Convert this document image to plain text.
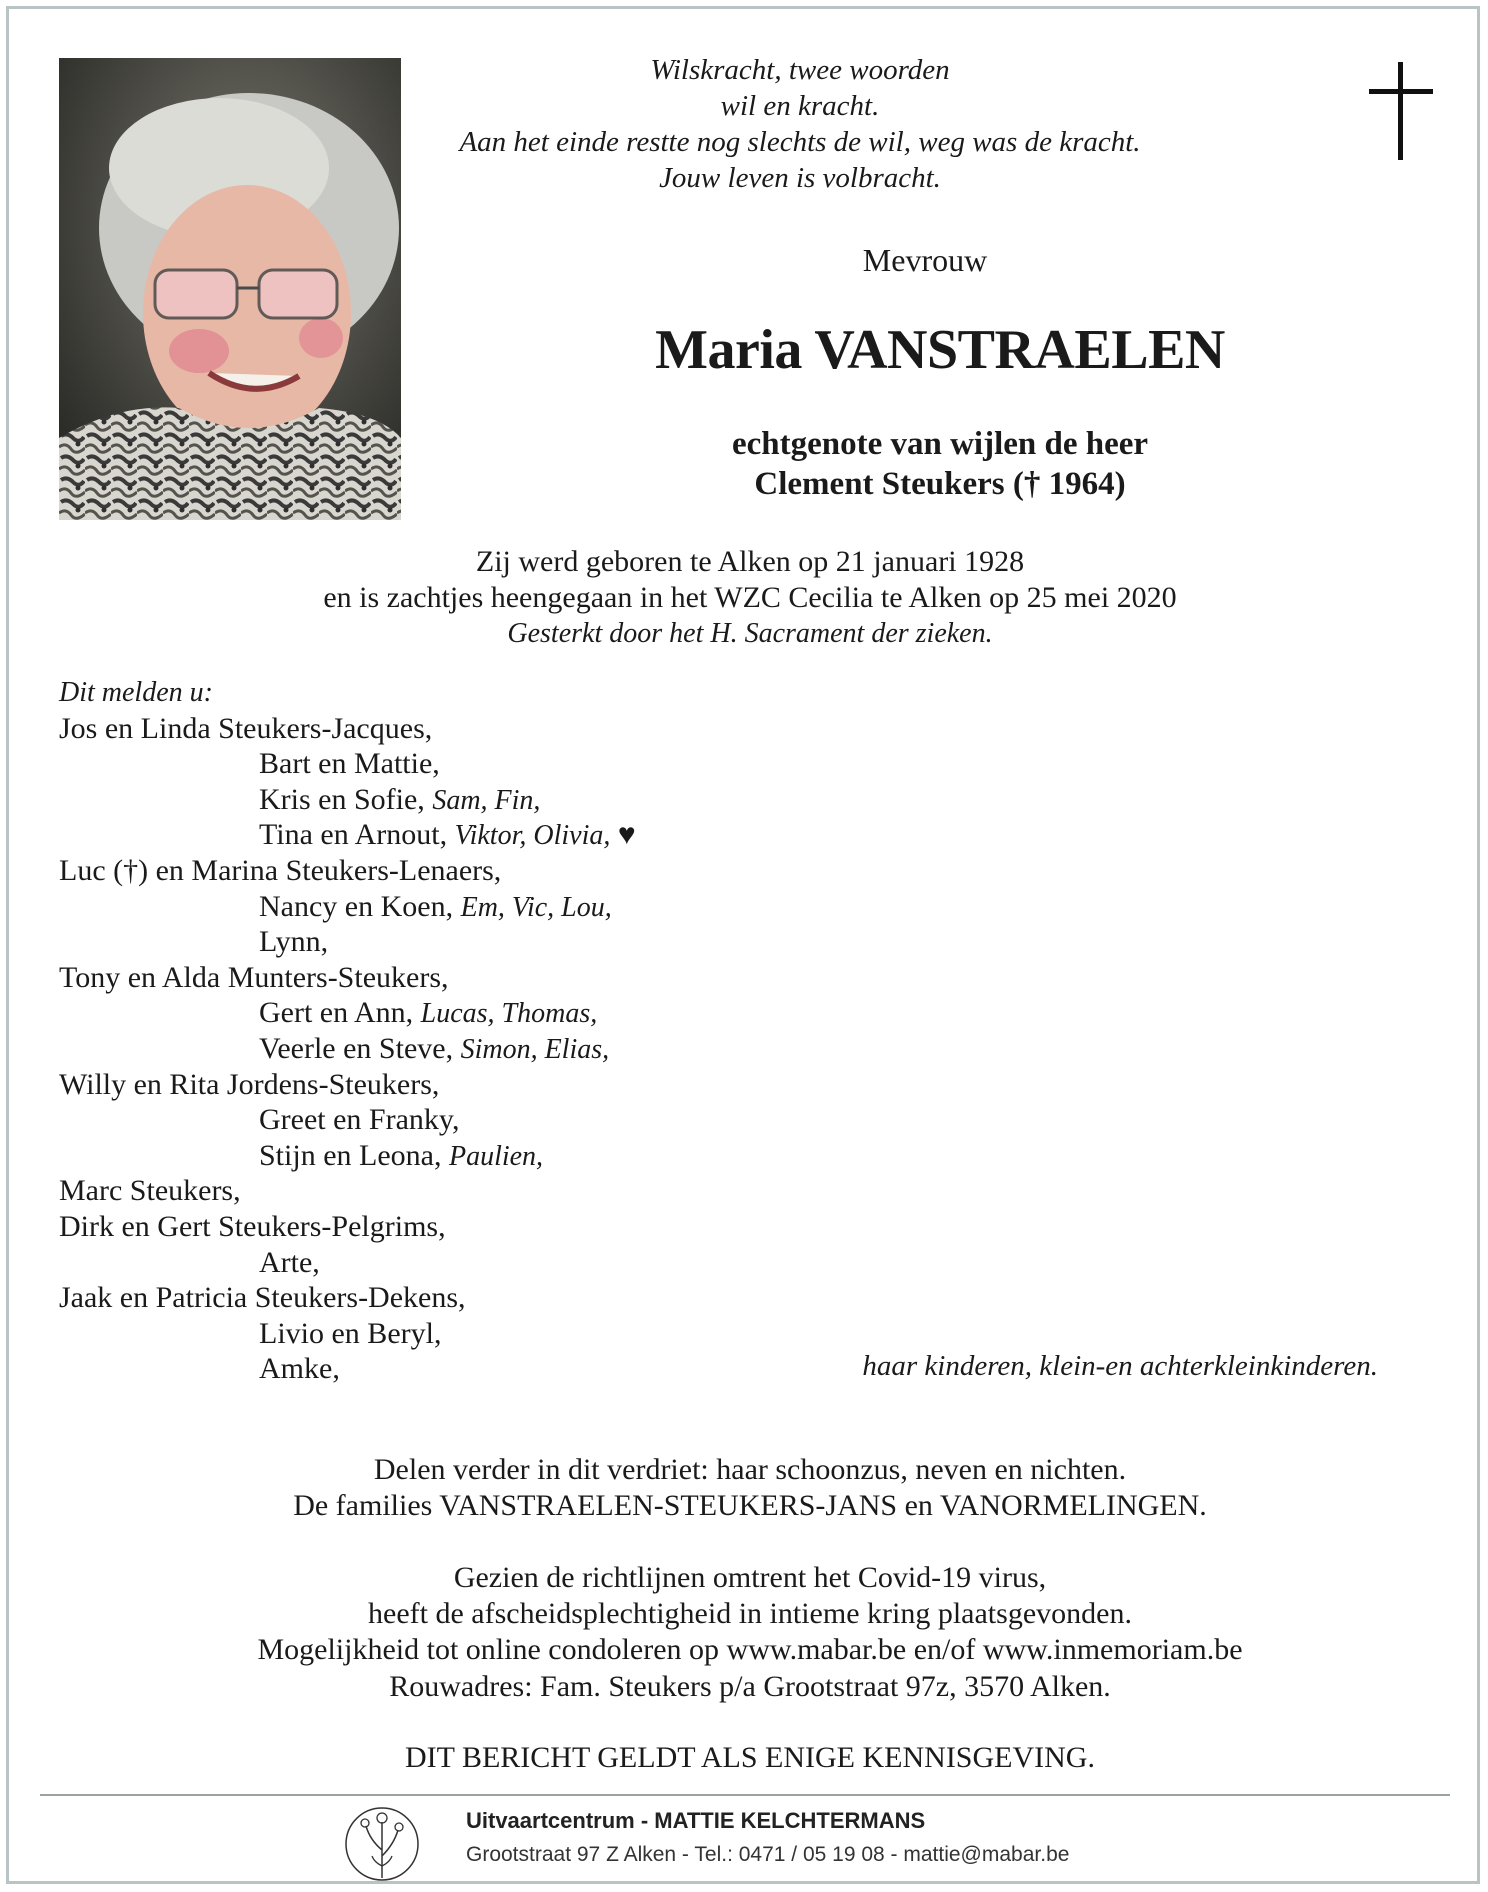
Wilskracht, twee woorden
wil en kracht.
Aan het einde restte nog slechts de wil, weg was de kracht.
Jouw leven is volbracht.
Mevrouw
Maria VANSTRAELEN
echtgenote van wijlen de heer
Clement Steukers († 1964)
Zij werd geboren te Alken op 21 januari 1928
en is zachtjes heengegaan in het WZC Cecilia te Alken op 25 mei 2020
Gesterkt door het H. Sacrament der zieken.
Dit melden u:
Jos en Linda Steukers-Jacques,
Bart en Mattie,
Kris en Sofie, Sam, Fin,
Tina en Arnout, Viktor, Olivia, ♥
Luc (†) en Marina Steukers-Lenaers,
Nancy en Koen, Em, Vic, Lou,
Lynn,
Tony en Alda Munters-Steukers,
Gert en Ann, Lucas, Thomas,
Veerle en Steve, Simon, Elias,
Willy en Rita Jordens-Steukers,
Greet en Franky,
Stijn en Leona, Paulien,
Marc Steukers,
Dirk en Gert Steukers-Pelgrims,
Arte,
Jaak en Patricia Steukers-Dekens,
Livio en Beryl,
Amke,	haar kinderen, klein-en achterkleinkinderen.
Delen verder in dit verdriet: haar schoonzus, neven en nichten.
De families VANSTRAELEN-STEUKERS-JANS en VANORMELINGEN.
Gezien de richtlijnen omtrent het Covid-19 virus,
heeft de afscheidsplechtigheid in intieme kring plaatsgevonden.
Mogelijkheid tot online condoleren op www.mabar.be en/of www.inmemoriam.be
Rouwadres: Fam. Steukers p/a Grootstraat 97z, 3570 Alken.
DIT BERICHT GELDT ALS ENIGE KENNISGEVING.
Uitvaartcentrum - MATTIE KELCHTERMANS
Grootstraat 97 Z Alken - Tel.: 0471 / 05 19 08 - mattie@mabar.be
